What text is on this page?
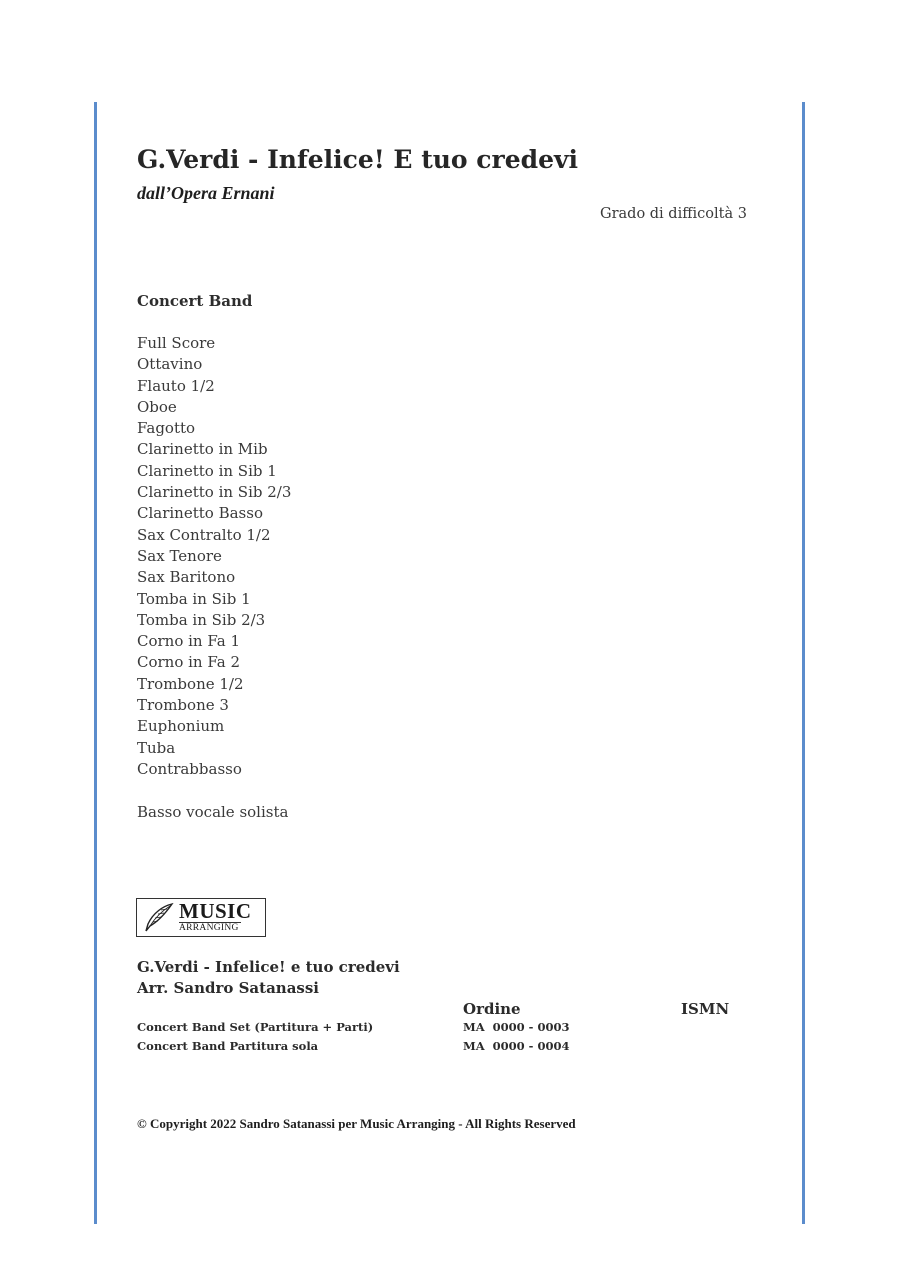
G.Verdi - Infelice! E tuo credevi
dall’Opera Ernani
Grado di difficoltà 3
Concert Band
Full Score
Ottavino
Flauto 1/2
Oboe
Fagotto
Clarinetto in Mib
Clarinetto in Sib 1
Clarinetto in Sib 2/3
Clarinetto Basso
Sax Contralto 1/2
Sax Tenore
Sax Baritono
Tomba in Sib 1
Tomba in Sib 2/3
Corno in Fa 1
Corno in Fa 2
Trombone 1/2
Trombone 3
Euphonium
Tuba
Contrabbasso
Basso vocale solista
MUSIC
ARRANGING
G.Verdi - Infelice! e tuo credevi
Arr. Sandro Satanassi
Ordine	ISMN
Concert Band Set (Partitura + Parti)	MA  0000 - 0003
Concert Band Partitura sola	MA  0000 - 0004
© Copyright 2022 Sandro Satanassi per Music Arranging - All Rights Reserved
